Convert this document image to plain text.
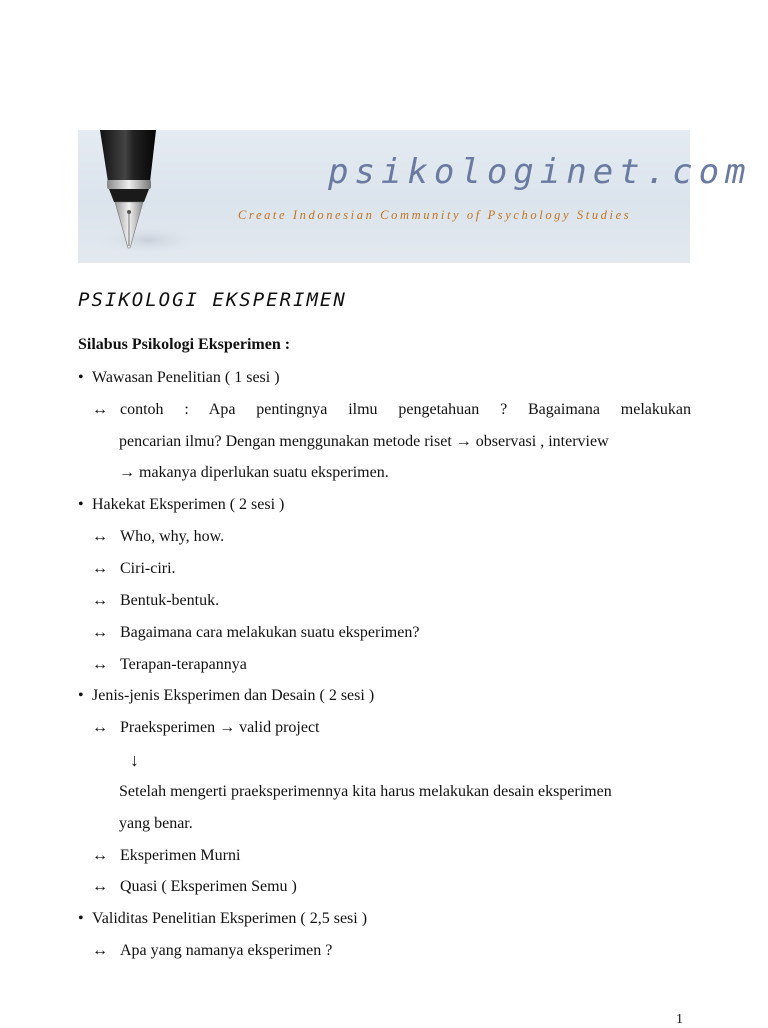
psikologinet.com
Create Indonesian Community of Psychology Studies
PSIKOLOGI EKSPERIMEN
Silabus Psikologi Eksperimen :
• Wawasan Penelitian ( 1 sesi )
↔ contoh : Apa pentingnya ilmu pengetahuan ? Bagaimana melakukan
pencarian ilmu? Dengan menggunakan metode riset → observasi , interview
→ makanya diperlukan suatu eksperimen.
• Hakekat Eksperimen ( 2 sesi )
↔ Who, why, how.
↔ Ciri-ciri.
↔ Bentuk-bentuk.
↔ Bagaimana cara melakukan suatu eksperimen?
↔ Terapan-terapannya
• Jenis-jenis Eksperimen dan Desain ( 2 sesi )
↔ Praeksperimen → valid project
↓
Setelah mengerti praeksperimennya kita harus melakukan desain eksperimen
yang benar.
↔ Eksperimen Murni
↔ Quasi ( Eksperimen Semu )
• Validitas Penelitian Eksperimen ( 2,5 sesi )
↔ Apa yang namanya eksperimen ?
1
